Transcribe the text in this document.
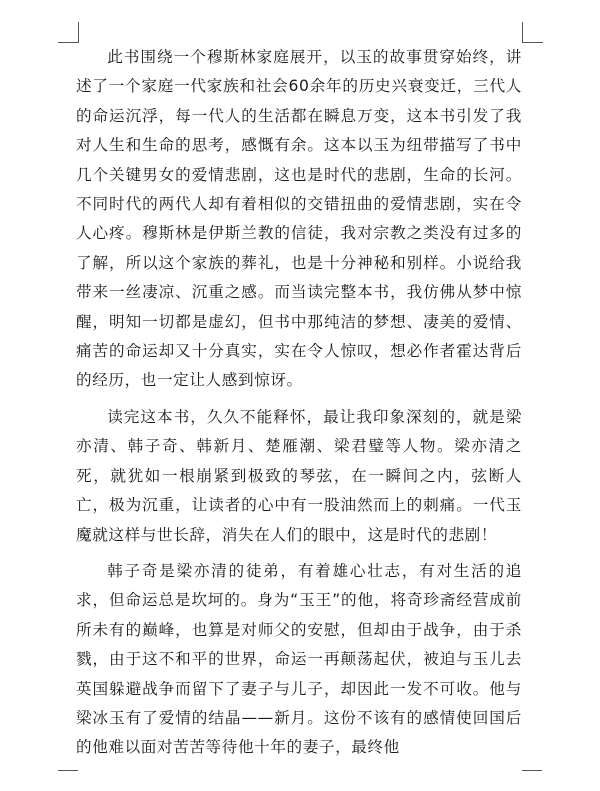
此书围绕一个穆斯林家庭展开，以玉的故事贯穿始终，讲述了一个家庭一代家族和社会60余年的历史兴衰变迁，三代人的命运沉浮，每一代人的生活都在瞬息万变，这本书引发了我对人生和生命的思考，感慨有余。这本以玉为纽带描写了书中几个关键男女的爱情悲剧，这也是时代的悲剧，生命的长河。不同时代的两代人却有着相似的交错扭曲的爱情悲剧，实在令人心疼。穆斯林是伊斯兰教的信徒，我对宗教之类没有过多的了解，所以这个家族的葬礼，也是十分神秘和别样。小说给我带来一丝凄凉、沉重之感。而当读完整本书，我仿佛从梦中惊醒，明知一切都是虚幻，但书中那纯洁的梦想、凄美的爱情、痛苦的命运却又十分真实，实在令人惊叹，想必作者霍达背后的经历，也一定让人感到惊讶。

读完这本书，久久不能释怀，最让我印象深刻的，就是梁亦清、韩子奇、韩新月、楚雁潮、梁君璧等人物。梁亦清之死，就犹如一根崩紧到极致的琴弦，在一瞬间之内，弦断人亡，极为沉重，让读者的心中有一股油然而上的刺痛。一代玉魔就这样与世长辞，消失在人们的眼中，这是时代的悲剧！

韩子奇是梁亦清的徒弟，有着雄心壮志，有对生活的追求，但命运总是坎坷的。身为“玉王”的他，将奇珍斋经营成前所未有的巅峰，也算是对师父的安慰，但却由于战争，由于杀戮，由于这不和平的世界，命运一再颠荡起伏，被迫与玉儿去英国躲避战争而留下了妻子与儿子，却因此一发不可收。他与梁冰玉有了爱情的结晶——新月。这份不该有的感情使回国后的他难以面对苦苦等待他十年的妻子，最终他
